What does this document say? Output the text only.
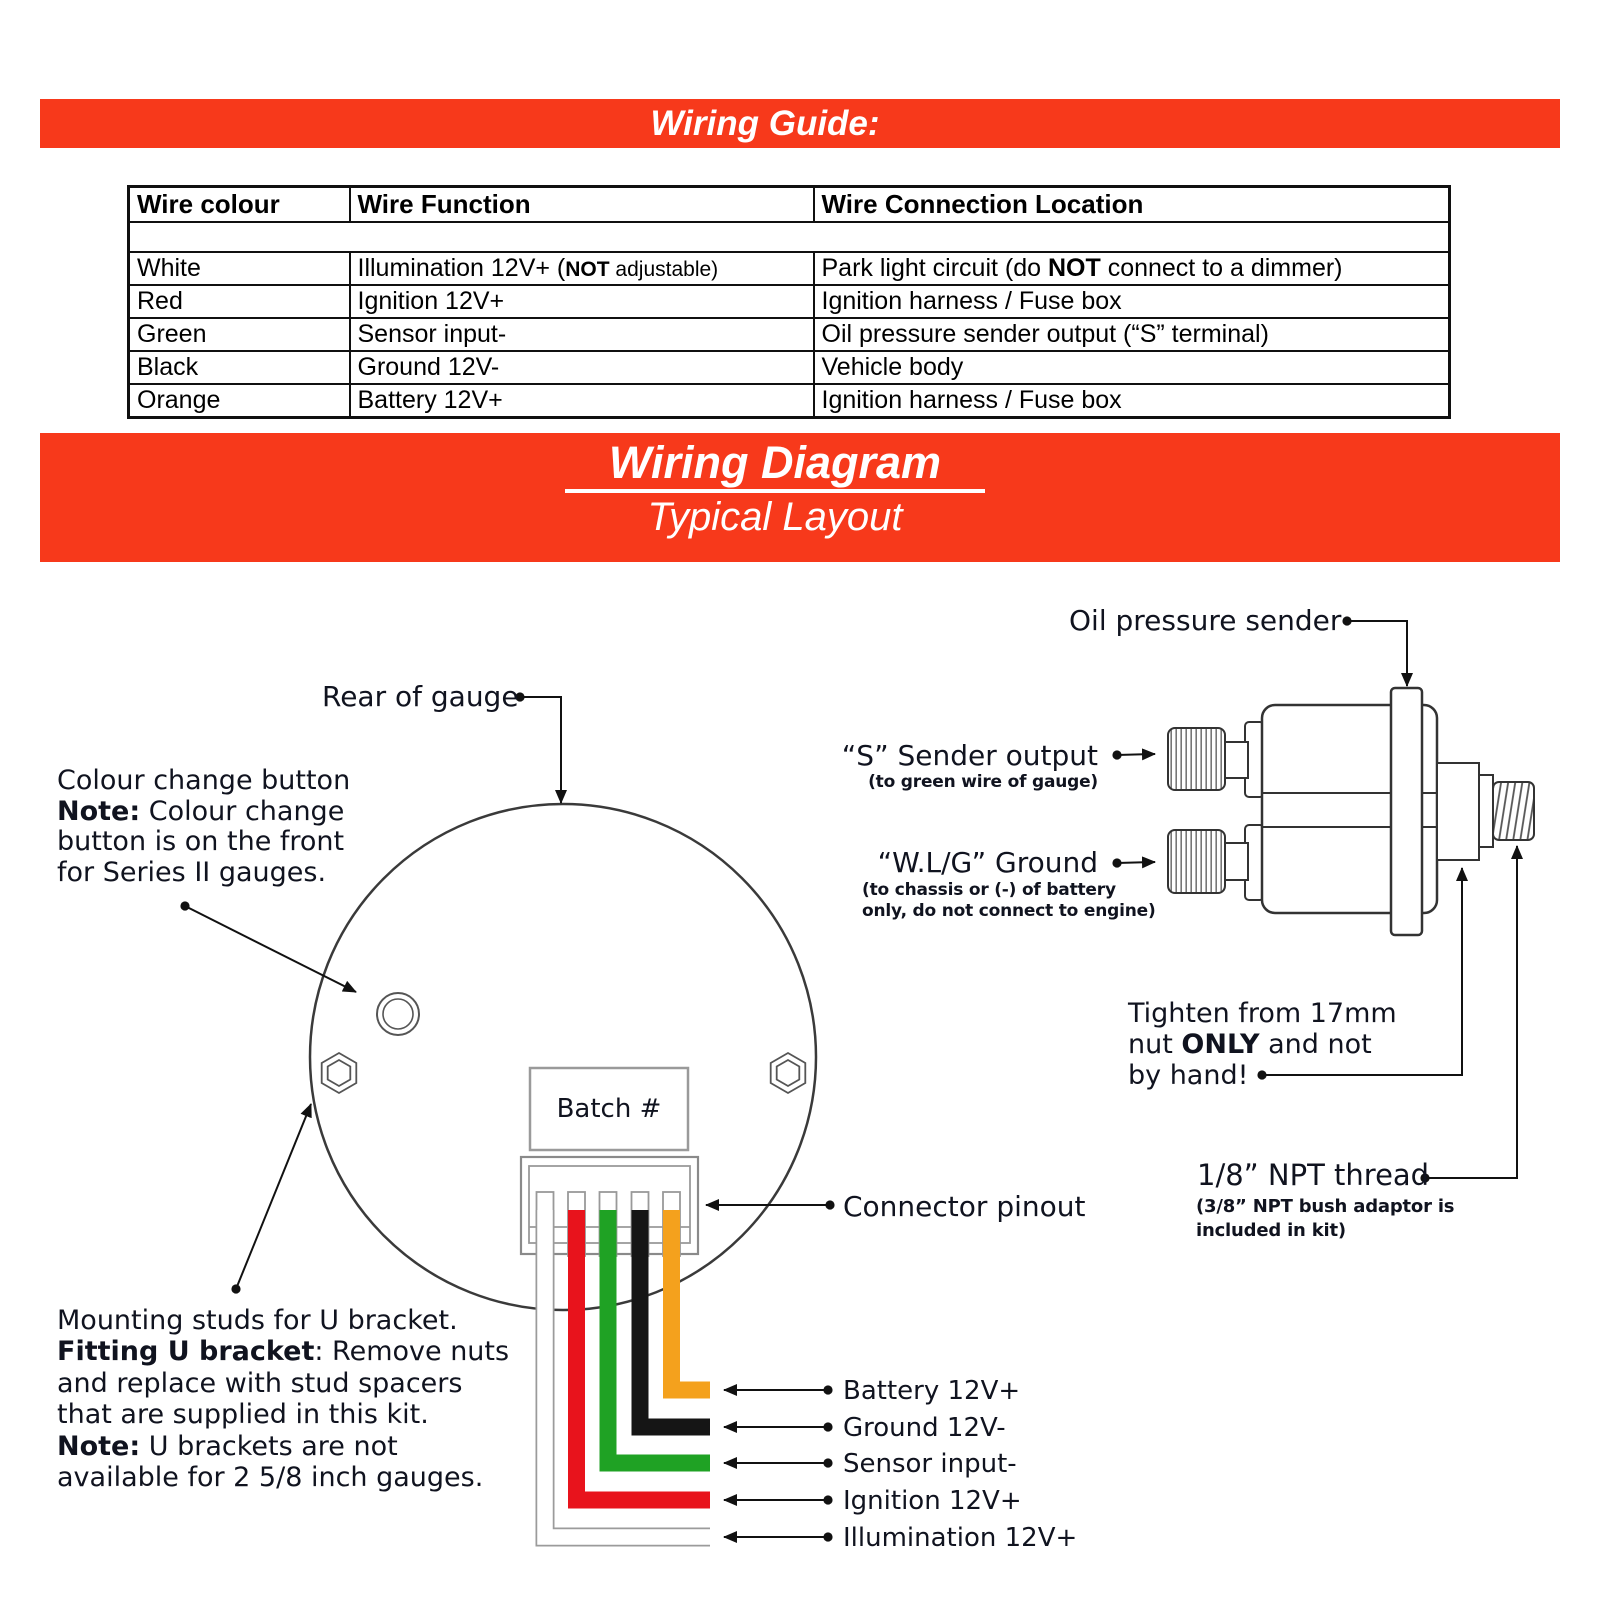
Wiring Guide:
Wire colour	Wire Function	Wire Connection Location

White	Illumination 12V+ (NOT adjustable)	Park light circuit (do NOT connect to a dimmer)
Red	Ignition 12V+	Ignition harness / Fuse box
Green	Sensor input-	Oil pressure sender output (“S” terminal)
Black	Ground 12V-	Vehicle body
Orange	Battery 12V+	Ignition harness / Fuse box
Wiring Diagram
Typical Layout
Rear of gauge
Oil pressure sender
“S” Sender output
(to green wire of gauge)
“W.L/G” Ground
(to chassis or (-) of battery
only, do not connect to engine)
Colour change button
Note: Colour change
button is on the front
for Series II gauges.
Mounting studs for U bracket.
Fitting U bracket: Remove nuts
and replace with stud spacers
that are supplied in this kit.
Note: U brackets are not
available for 2 5/8 inch gauges.
Tighten from 17mm
nut ONLY and not
by hand!
1/8” NPT thread
(3/8” NPT bush adaptor is
included in kit)
Connector pinout
Batch #
Battery 12V+
Ground 12V-
Sensor input-
Ignition 12V+
Illumination 12V+
